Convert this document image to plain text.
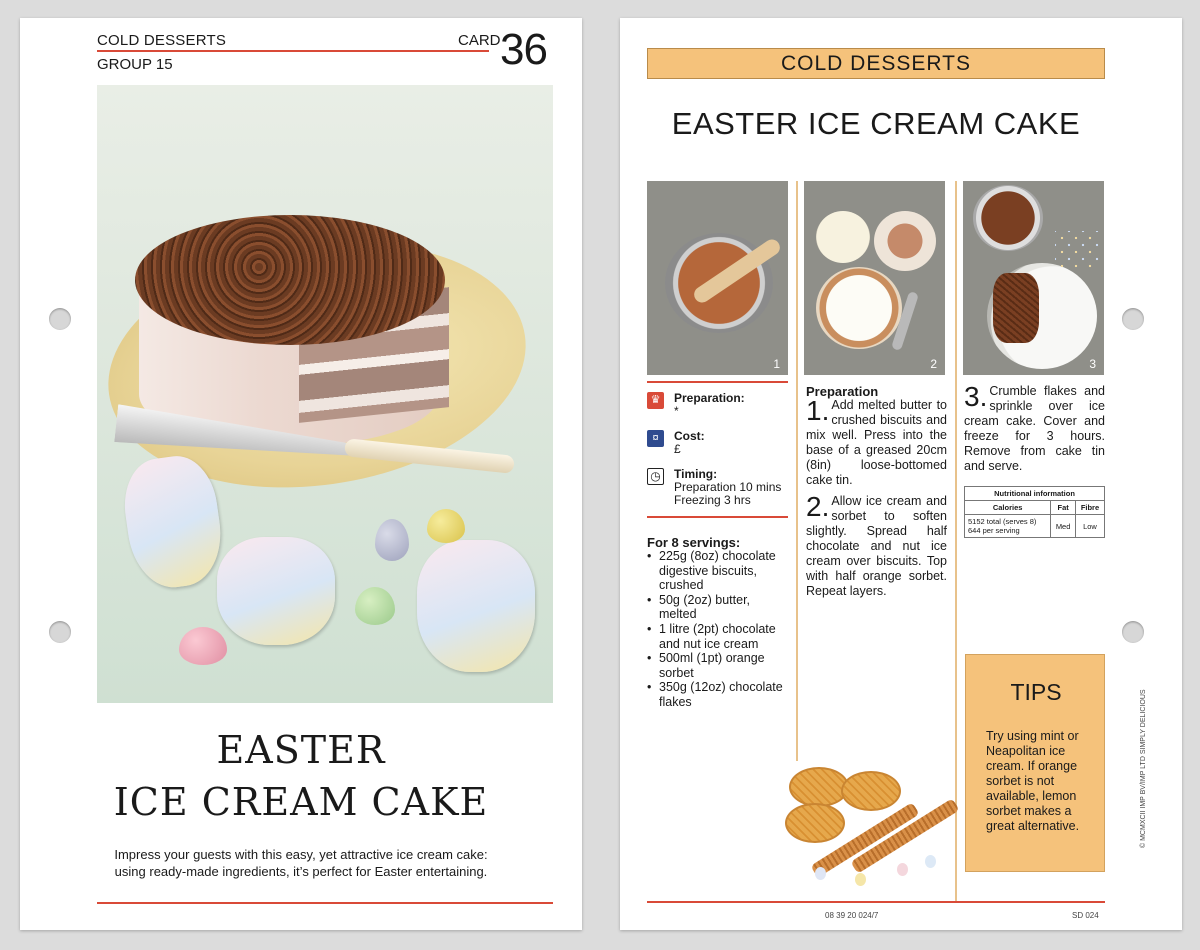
COLD DESSERTS
GROUP 15
CARD 36
EASTER
ICE CREAM CAKE
Impress your guests with this easy, yet attractive ice cream cake: using ready-made ingredients, it’s perfect for Easter entertaining.
COLD DESSERTS
EASTER ICE CREAM CAKE
1	2	3
♛ Preparation:
*
¤	Cost:
£
◷ Timing:
Preparation 10 mins
Freezing 3 hrs
For 8 servings:
• 225g (8oz) chocolate digestive biscuits, crushed
• 50g (2oz) butter, melted
• 1 litre (2pt) chocolate and nut ice cream
• 500ml (1pt) orange sorbet
• 350g (12oz) chocolate flakes
Preparation
1. Add melted butter to crushed biscuits and mix well. Press into the base of a greased 20cm (8in) loose-bottomed cake tin.
2. Allow ice cream and sorbet to soften slightly. Spread half chocolate and nut ice cream over biscuits. Top with half orange sorbet. Repeat layers.
3. Crumble flakes and sprinkle over ice cream cake. Cover and freeze for 3 hours. Remove from cake tin and serve.
Nutritional information		
Calories	Fat	Fibre
5152 total (serves 8)
644 per serving	Med	Low
TIPS
Try using mint or Neapolitan ice cream. If orange sorbet is not available, lemon sorbet makes a great alternative.
08 39 20 024/7	SD 024
© MCMXCII IMP BV/IMP LTD SIMPLY DELICIOUS
